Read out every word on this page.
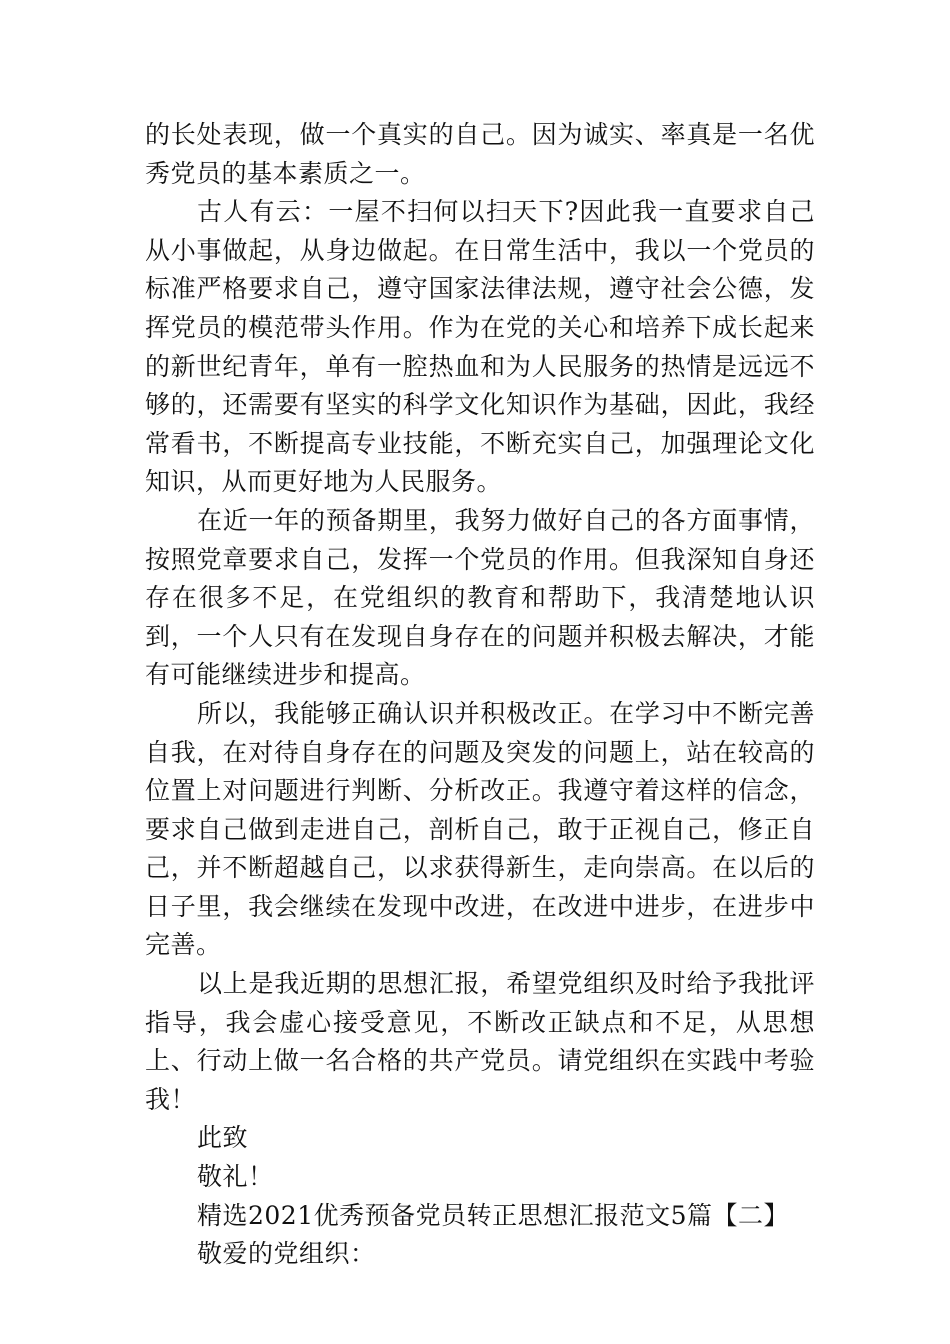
的长处表现，做一个真实的自己。因为诚实、率真是一名优秀党员的基本素质之一。

古人有云：一屋不扫何以扫天下?因此我一直要求自己从小事做起，从身边做起。在日常生活中，我以一个党员的标准严格要求自己，遵守国家法律法规，遵守社会公德，发挥党员的模范带头作用。作为在党的关心和培养下成长起来的新世纪青年，单有一腔热血和为人民服务的热情是远远不够的，还需要有坚实的科学文化知识作为基础，因此，我经常看书，不断提高专业技能，不断充实自己，加强理论文化知识，从而更好地为人民服务。

在近一年的预备期里，我努力做好自己的各方面事情，按照党章要求自己，发挥一个党员的作用。但我深知自身还存在很多不足，在党组织的教育和帮助下，我清楚地认识到，一个人只有在发现自身存在的问题并积极去解决，才能有可能继续进步和提高。

所以，我能够正确认识并积极改正。在学习中不断完善自我，在对待自身存在的问题及突发的问题上，站在较高的位置上对问题进行判断、分析改正。我遵守着这样的信念，要求自己做到走进自己，剖析自己，敢于正视自己，修正自己，并不断超越自己，以求获得新生，走向崇高。在以后的日子里，我会继续在发现中改进，在改进中进步，在进步中完善。

以上是我近期的思想汇报，希望党组织及时给予我批评指导，我会虚心接受意见，不断改正缺点和不足，从思想上、行动上做一名合格的共产党员。请党组织在实践中考验我！

此致

敬礼！

精选2021优秀预备党员转正思想汇报范文5篇【二】

敬爱的党组织：
